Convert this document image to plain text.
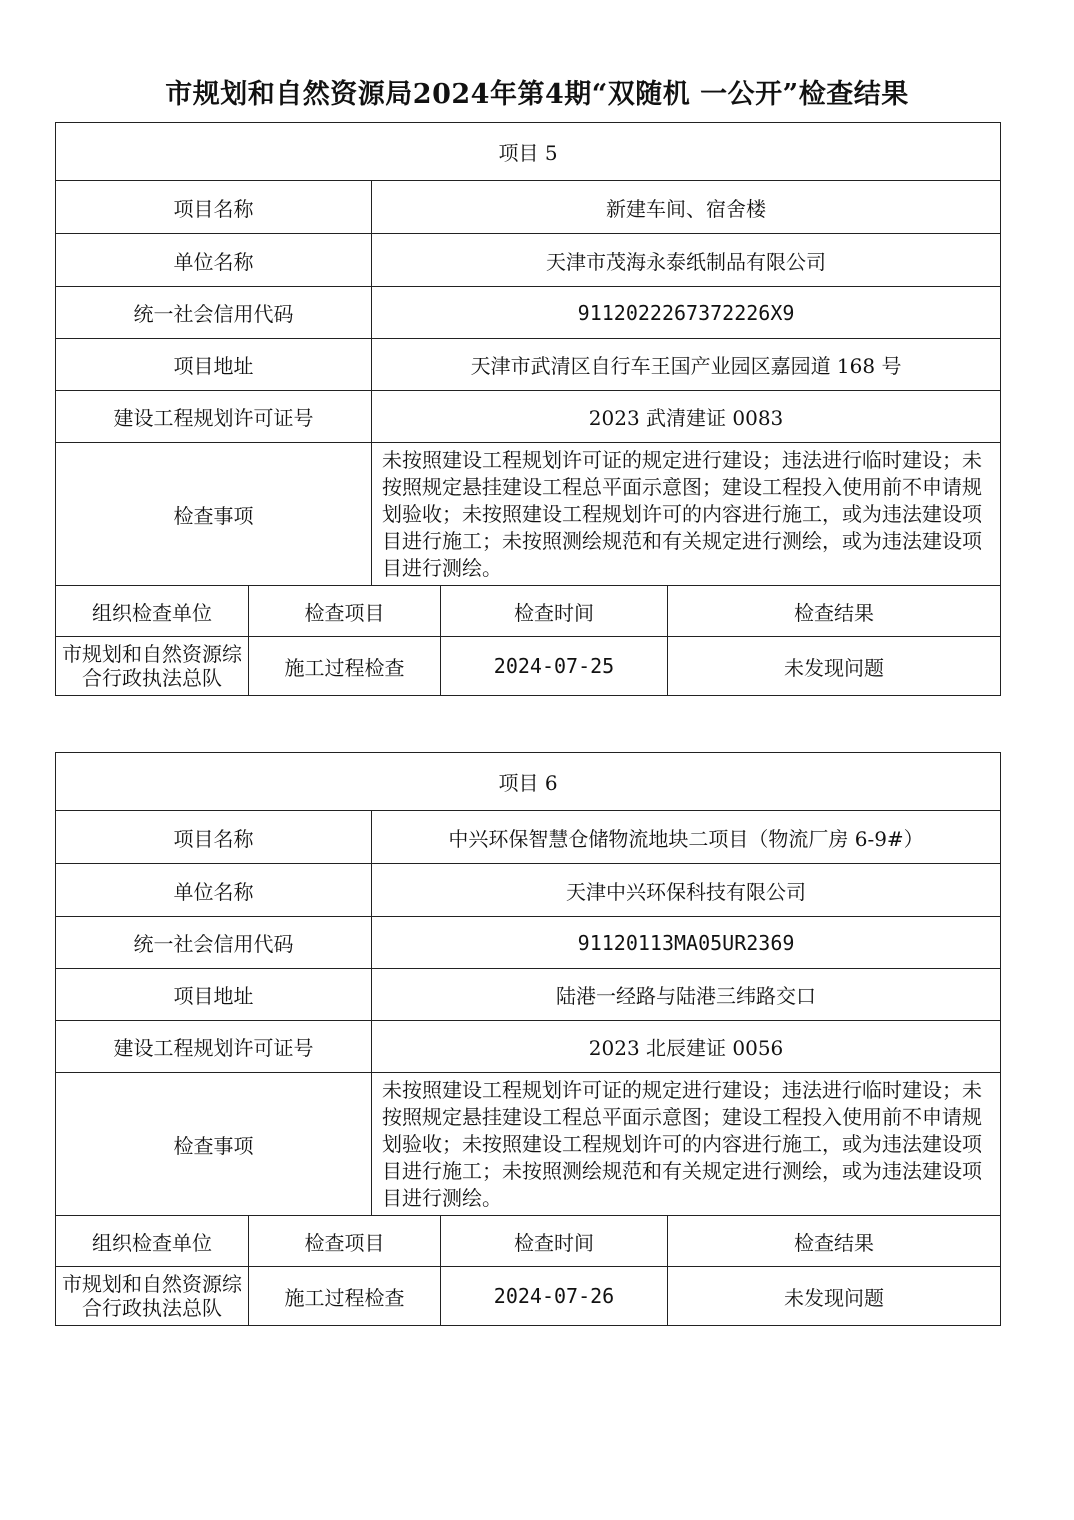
市规划和自然资源局2024年第4期“双随机 一公开”检查结果
项目 5				
项目名称		新建车间、宿舍楼		
单位名称		天津市茂海永泰纸制品有限公司		
统一社会信用代码		9112022267372226X9		
项目地址		天津市武清区自行车王国产业园区嘉园道 168 号		
建设工程规划许可证号		2023 武清建证 0083		
检查事项		未按照建设工程规划许可证的规定进行建设；违法进行临时建设；未按照规定悬挂建设工程总平面示意图；建设工程投入使用前不申请规划验收；未按照建设工程规划许可的内容进行施工，或为违法建设项目进行施工；未按照测绘规范和有关规定进行测绘，或为违法建设项目进行测绘。		
组织检查单位	检查项目		检查时间	检查结果
市规划和自然资源综合行政执法总队	施工过程检查		2024-07-25	未发现问题
项目 6				
项目名称		中兴环保智慧仓储物流地块二项目（物流厂房 6-9#）		
单位名称		天津中兴环保科技有限公司		
统一社会信用代码		91120113MA05UR2369		
项目地址		陆港一经路与陆港三纬路交口		
建设工程规划许可证号		2023 北辰建证 0056		
检查事项		未按照建设工程规划许可证的规定进行建设；违法进行临时建设；未按照规定悬挂建设工程总平面示意图；建设工程投入使用前不申请规划验收；未按照建设工程规划许可的内容进行施工，或为违法建设项目进行施工；未按照测绘规范和有关规定进行测绘，或为违法建设项目进行测绘。		
组织检查单位	检查项目		检查时间	检查结果
市规划和自然资源综合行政执法总队	施工过程检查		2024-07-26	未发现问题
